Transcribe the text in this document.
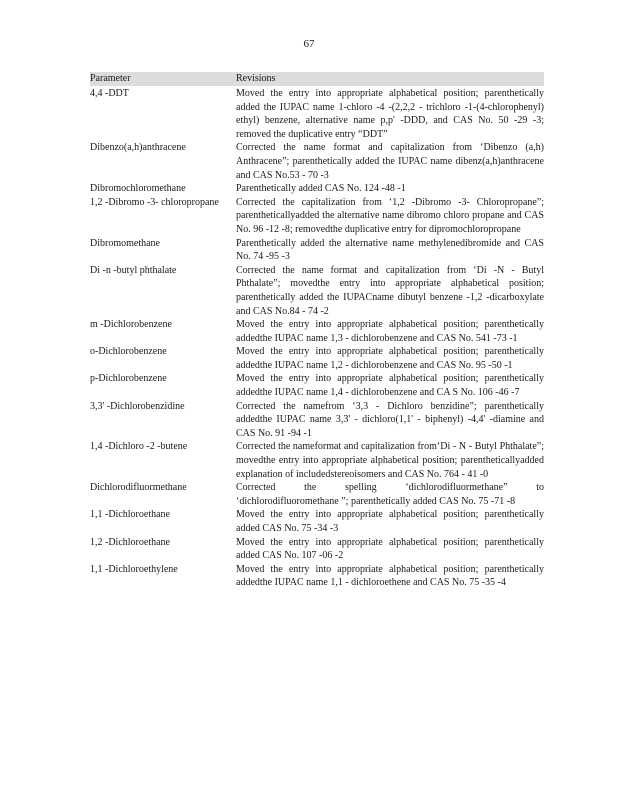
67
Parameter	Revisions
4,4 -DDT	Moved the entry into appropriate alphabetical position; parenthetically added the IUPAC name 1-chloro -4 -(2,2,2 - trichloro -1-(4-chlorophenyl) ethyl) benzene, alternative name p,p' -DDD, and CAS No. 50 -29 -3; removed the duplicative entry “DDT”
Dibenzo(a,h)anthracene	Corrected the name format and capitalization from ‘Dibenzo (a,h) Anthracene”; parenthetically added the IUPAC name dibenz(a,h)anthracene and CAS No.53 - 70 -3
Dibromochloromethane	Parenthetically added CAS No. 124 -48 -1
1,2 -Dibromo -3- chloropropane	Corrected the capitalization from ‘1,2 -Dibromo -3- Chloropropane”; parentheticallyadded the alternative name dibromo chloro propane and CAS No. 96 -12 -8; removedthe duplicative entry for dipromochloropropane
Dibromomethane	Parenthetically added the alternative name methylenedibromide and CAS No. 74 -95 -3
Di -n -butyl phthalate	Corrected the name format and capitalization from ‘Di -N - Butyl Phthalate”; movedthe entry into appropriate alphabetical position; parenthetically added the IUPACname dibutyl benzene -1,2 -dicarboxylate and CAS No.84 - 74 -2
m -Dichlorobenzene	Moved the entry into appropriate alphabetical position; parenthetically addedthe IUPAC name 1,3 - dichlorobenzene and CAS No. 541 -73 -1
o-Dichlorobenzene	Moved the entry into appropriate alphabetical position; parenthetically addedthe IUPAC name 1,2 - dichlorobenzene and CAS No. 95 -50 -1
p-Dichlorobenzene	Moved the entry into appropriate alphabetical position; parenthetically addedthe IUPAC name 1,4 - dichlorobenzene and CA S No. 106 -46 -7
3,3' -Dichlorobenzidine	Corrected the namefrom ‘3,3 - Dichloro benzidine”; parenthetically addedthe IUPAC name 3,3' - dichloro(1,1' - biphenyl) -4,4' -diamine and CAS No. 91 -94 -1
1,4 -Dichloro -2 -butene	Corrected the nameformat and capitalization from‘Di - N - Butyl Phthalate”; movedthe entry into appropriate alphabetical position; parentheticallyadded explanation of includedstereoisomers and CAS No. 764 - 41 -0
Dichlorodifluormethane	Corrected the spelling ‘dichlorodifluormethane” to ‘dichlorodifluoromethane ”; parenthetically added CAS No. 75 -71 -8
1,1 -Dichloroethane	Moved the entry into appropriate alphabetical position; parenthetically added CAS No. 75 -34 -3
1,2 -Dichloroethane	Moved the entry into appropriate alphabetical position; parenthetically added CAS No. 107 -06 -2
1,1 -Dichloroethylene	Moved the entry into appropriate alphabetical position; parenthetically addedthe IUPAC name 1,1 - dichloroethene and CAS No. 75 -35 -4
